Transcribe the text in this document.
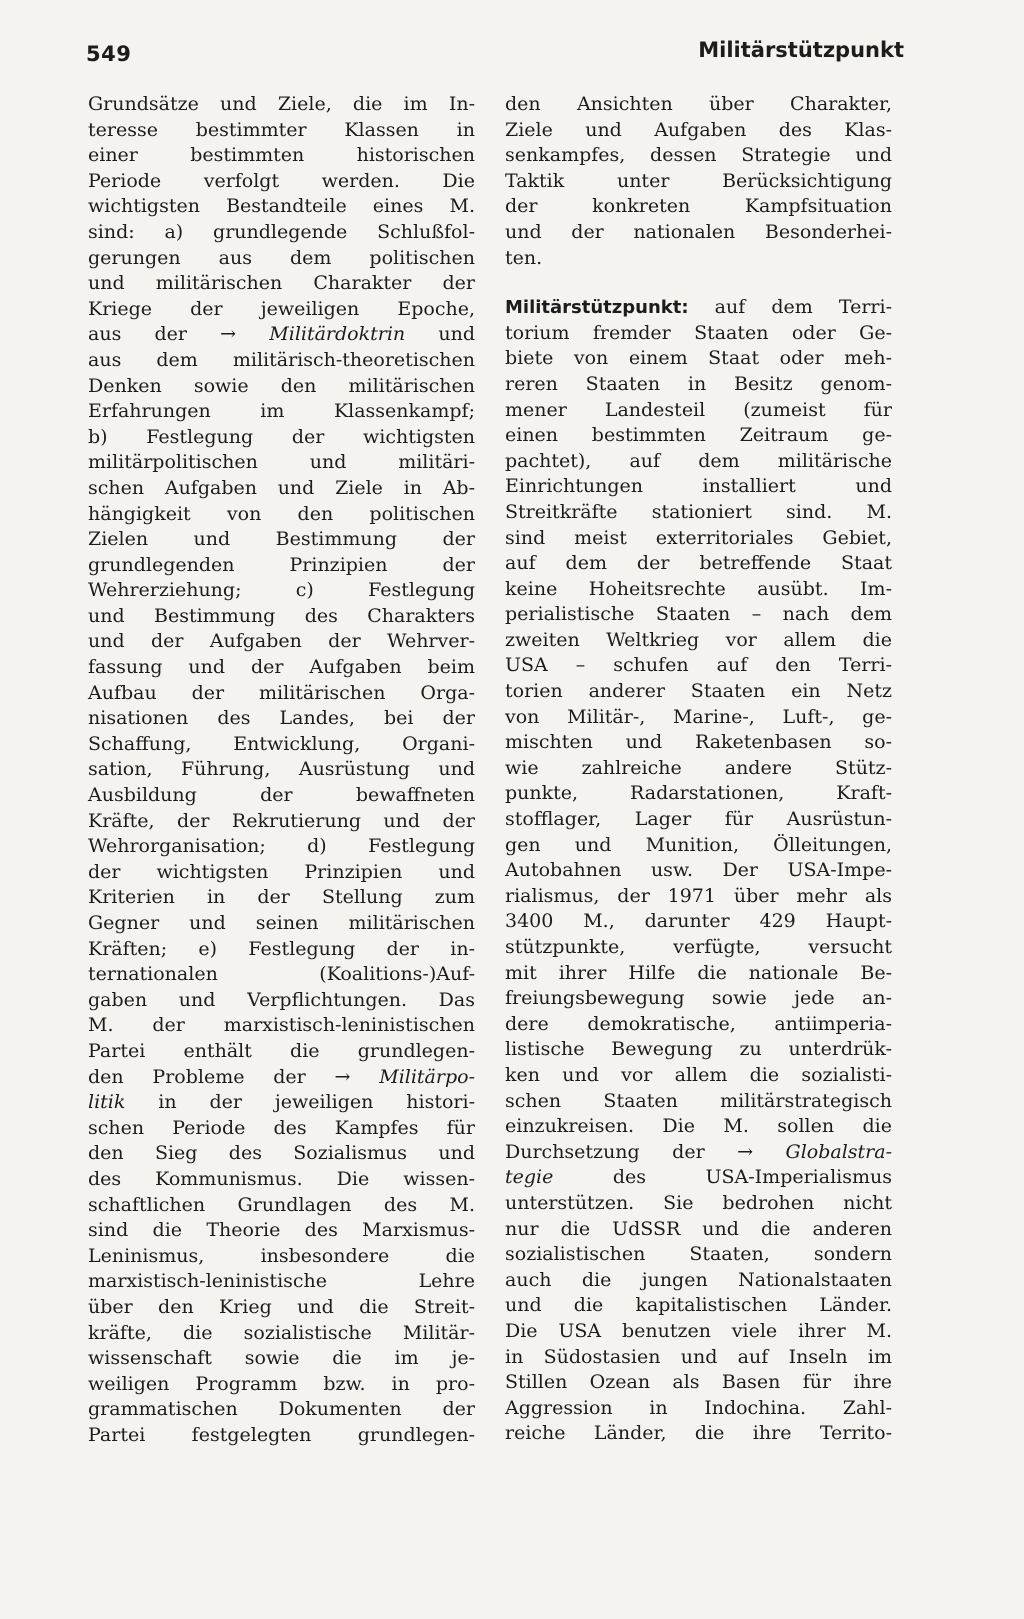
549	Militärstützpunkt
Grundsätze und Ziele, die im In-
teresse bestimmter Klassen in
einer bestimmten historischen
Periode verfolgt werden. Die
wichtigsten Bestandteile eines M.
sind: a) grundlegende Schlußfol-
gerungen aus dem politischen
und militärischen Charakter der
Kriege der jeweiligen Epoche,
aus der → Militärdoktrin und
aus dem militärisch-theoretischen
Denken sowie den militärischen
Erfahrungen im Klassenkampf;
b) Festlegung der wichtigsten
militärpolitischen und militäri-
schen Aufgaben und Ziele in Ab-
hängigkeit von den politischen
Zielen und Bestimmung der
grundlegenden Prinzipien der
Wehrerziehung; c) Festlegung
und Bestimmung des Charakters
und der Aufgaben der Wehrver-
fassung und der Aufgaben beim
Aufbau der militärischen Orga-
nisationen des Landes, bei der
Schaffung, Entwicklung, Organi-
sation, Führung, Ausrüstung und
Ausbildung der bewaffneten
Kräfte, der Rekrutierung und der
Wehrorganisation; d) Festlegung
der wichtigsten Prinzipien und
Kriterien in der Stellung zum
Gegner und seinen militärischen
Kräften; e) Festlegung der in-
ternationalen (Koalitions-)Auf-
gaben und Verpflichtungen. Das
M. der marxistisch-leninistischen
Partei enthält die grundlegen-
den Probleme der → Militärpo-
litik in der jeweiligen histori-
schen Periode des Kampfes für
den Sieg des Sozialismus und
des Kommunismus. Die wissen-
schaftlichen Grundlagen des M.
sind die Theorie des Marxismus-
Leninismus, insbesondere die
marxistisch-leninistische Lehre
über den Krieg und die Streit-
kräfte, die sozialistische Militär-
wissenschaft sowie die im je-
weiligen Programm bzw. in pro-
grammatischen Dokumenten der
Partei festgelegten grundlegen-
den Ansichten über Charakter,
Ziele und Aufgaben des Klas-
senkampfes, dessen Strategie und
Taktik unter Berücksichtigung
der konkreten Kampfsituation
und der nationalen Besonderhei-
ten.
Militärstützpunkt: auf dem Terri-
torium fremder Staaten oder Ge-
biete von einem Staat oder meh-
reren Staaten in Besitz genom-
mener Landesteil (zumeist für
einen bestimmten Zeitraum ge-
pachtet), auf dem militärische
Einrichtungen installiert und
Streitkräfte stationiert sind. M.
sind meist exterritoriales Gebiet,
auf dem der betreffende Staat
keine Hoheitsrechte ausübt. Im-
perialistische Staaten – nach dem
zweiten Weltkrieg vor allem die
USA – schufen auf den Terri-
torien anderer Staaten ein Netz
von Militär-, Marine-, Luft-, ge-
mischten und Raketenbasen so-
wie zahlreiche andere Stütz-
punkte, Radarstationen, Kraft-
stofflager, Lager für Ausrüstun-
gen und Munition, Ölleitungen,
Autobahnen usw. Der USA-Impe-
rialismus, der 1971 über mehr als
3400 M., darunter 429 Haupt-
stützpunkte, verfügte, versucht
mit ihrer Hilfe die nationale Be-
freiungsbewegung sowie jede an-
dere demokratische, antiimperia-
listische Bewegung zu unterdrük-
ken und vor allem die sozialisti-
schen Staaten militärstrategisch
einzukreisen. Die M. sollen die
Durchsetzung der → Globalstra-
tegie des USA-Imperialismus
unterstützen. Sie bedrohen nicht
nur die UdSSR und die anderen
sozialistischen Staaten, sondern
auch die jungen Nationalstaaten
und die kapitalistischen Länder.
Die USA benutzen viele ihrer M.
in Südostasien und auf Inseln im
Stillen Ozean als Basen für ihre
Aggression in Indochina. Zahl-
reiche Länder, die ihre Territo-
